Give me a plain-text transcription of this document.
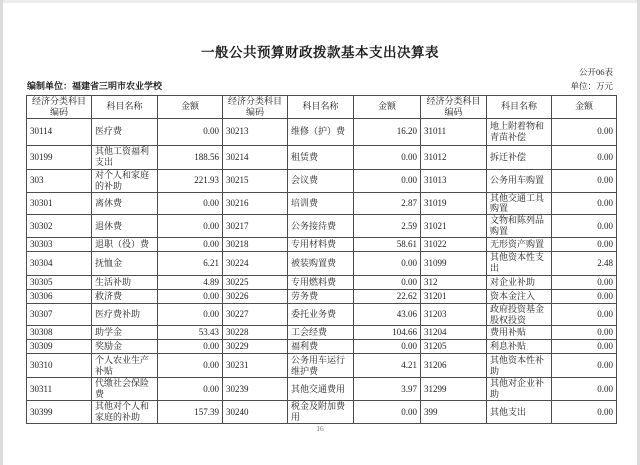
一般公共预算财政拨款基本支出决算表
公开06表
编制单位：福建省三明市农业学校	单位：万元
经济分类科目编码	科目名称	金额	经济分类科目编码	科目名称	金额	经济分类科目编码	科目名称	金额
30114	医疗费	0.00	30213	维修（护）费	16.20	31011	地上附着物和青苗补偿	0.00
30199	其他工资福利支出	188.56	30214	租赁费	0.00	31012	拆迁补偿	0.00
303	对个人和家庭的补助	221.93	30215	会议费	0.00	31013	公务用车购置	0.00
30301	离休费	0.00	30216	培训费	2.87	31019	其他交通工具购置	0.00
30302	退休费	0.00	30217	公务接待费	2.59	31021	文物和陈列品购置	0.00
30303	退职（役）费	0.00	30218	专用材料费	58.61	31022	无形资产购置	0.00
30304	抚恤金	6.21	30224	被装购置费	0.00	31099	其他资本性支出	2.48
30305	生活补助	4.89	30225	专用燃料费	0.00	312	对企业补助	0.00
30306	救济费	0.00	30226	劳务费	22.62	31201	资本金注入	0.00
30307	医疗费补助	0.00	30227	委托业务费	43.06	31203	政府投资基金股权投资	0.00
30308	助学金	53.43	30228	工会经费	104.66	31204	费用补贴	0.00
30309	奖励金	0.00	30229	福利费	0.00	31205	利息补贴	0.00
30310	个人农业生产补贴	0.00	30231	公务用车运行维护费	4.21	31206	其他资本性补助	0.00
30311	代缴社会保险费	0.00	30239	其他交通费用	3.97	31299	其他对企业补助	0.00
30399	其他对个人和家庭的补助	157.39	30240	税金及附加费用	0.00	399	其他支出	0.00
16
